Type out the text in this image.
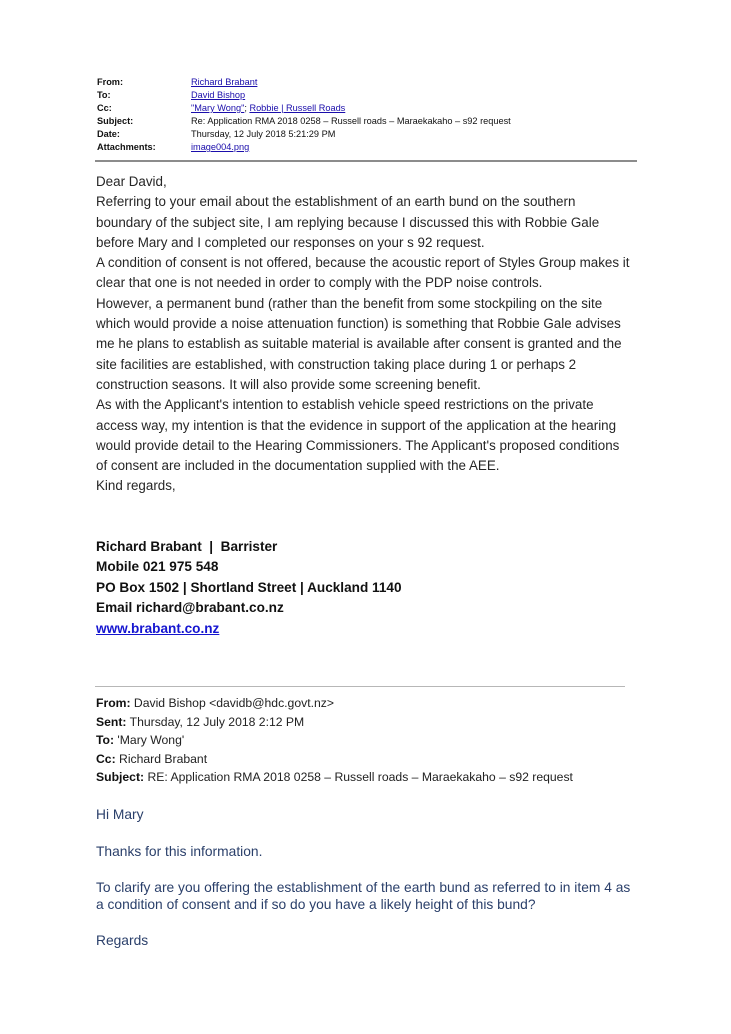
From:	Richard Brabant
To:	David Bishop
Cc:	"Mary Wong"; Robbie | Russell Roads
Subject:	Re: Application RMA 2018 0258 – Russell roads – Maraekakaho – s92 request
Date:	Thursday, 12 July 2018 5:21:29 PM
Attachments:	image004.png

Dear David,

Referring to your email about the establishment of an earth bund on the southern

boundary of the subject site, I am replying because I discussed this with Robbie Gale

before Mary and I completed our responses on your s 92 request.

A condition of consent is not offered, because the acoustic report of Styles Group makes it

clear that one is not needed in order to comply with the PDP noise controls.

However, a permanent bund (rather than the benefit from some stockpiling on the site

which would provide a noise attenuation function) is something that Robbie Gale advises

me he plans to establish as suitable material is available after consent is granted and the

site facilities are established, with construction taking place during 1 or perhaps 2

construction seasons. It will also provide some screening benefit.

As with the Applicant's intention to establish vehicle speed restrictions on the private

access way, my intention is that the evidence in support of the application at the hearing

would provide detail to the Hearing Commissioners. The Applicant's proposed conditions

of consent are included in the documentation supplied with the AEE.

Kind regards,

Richard Brabant  |  Barrister

Mobile 021 975 548

PO Box 1502 | Shortland Street | Auckland 1140

Email richard@brabant.co.nz

www.brabant.co.nz

From: David Bishop <davidb@hdc.govt.nz>
Sent: Thursday, 12 July 2018 2:12 PM
To: 'Mary Wong'
Cc: Richard Brabant
Subject: RE: Application RMA 2018 0258 – Russell roads – Maraekakaho – s92 request

Hi Mary

Thanks for this information.

To clarify are you offering the establishment of the earth bund as referred to in item 4 as

a condition of consent and if so do you have a likely height of this bund?

Regards
